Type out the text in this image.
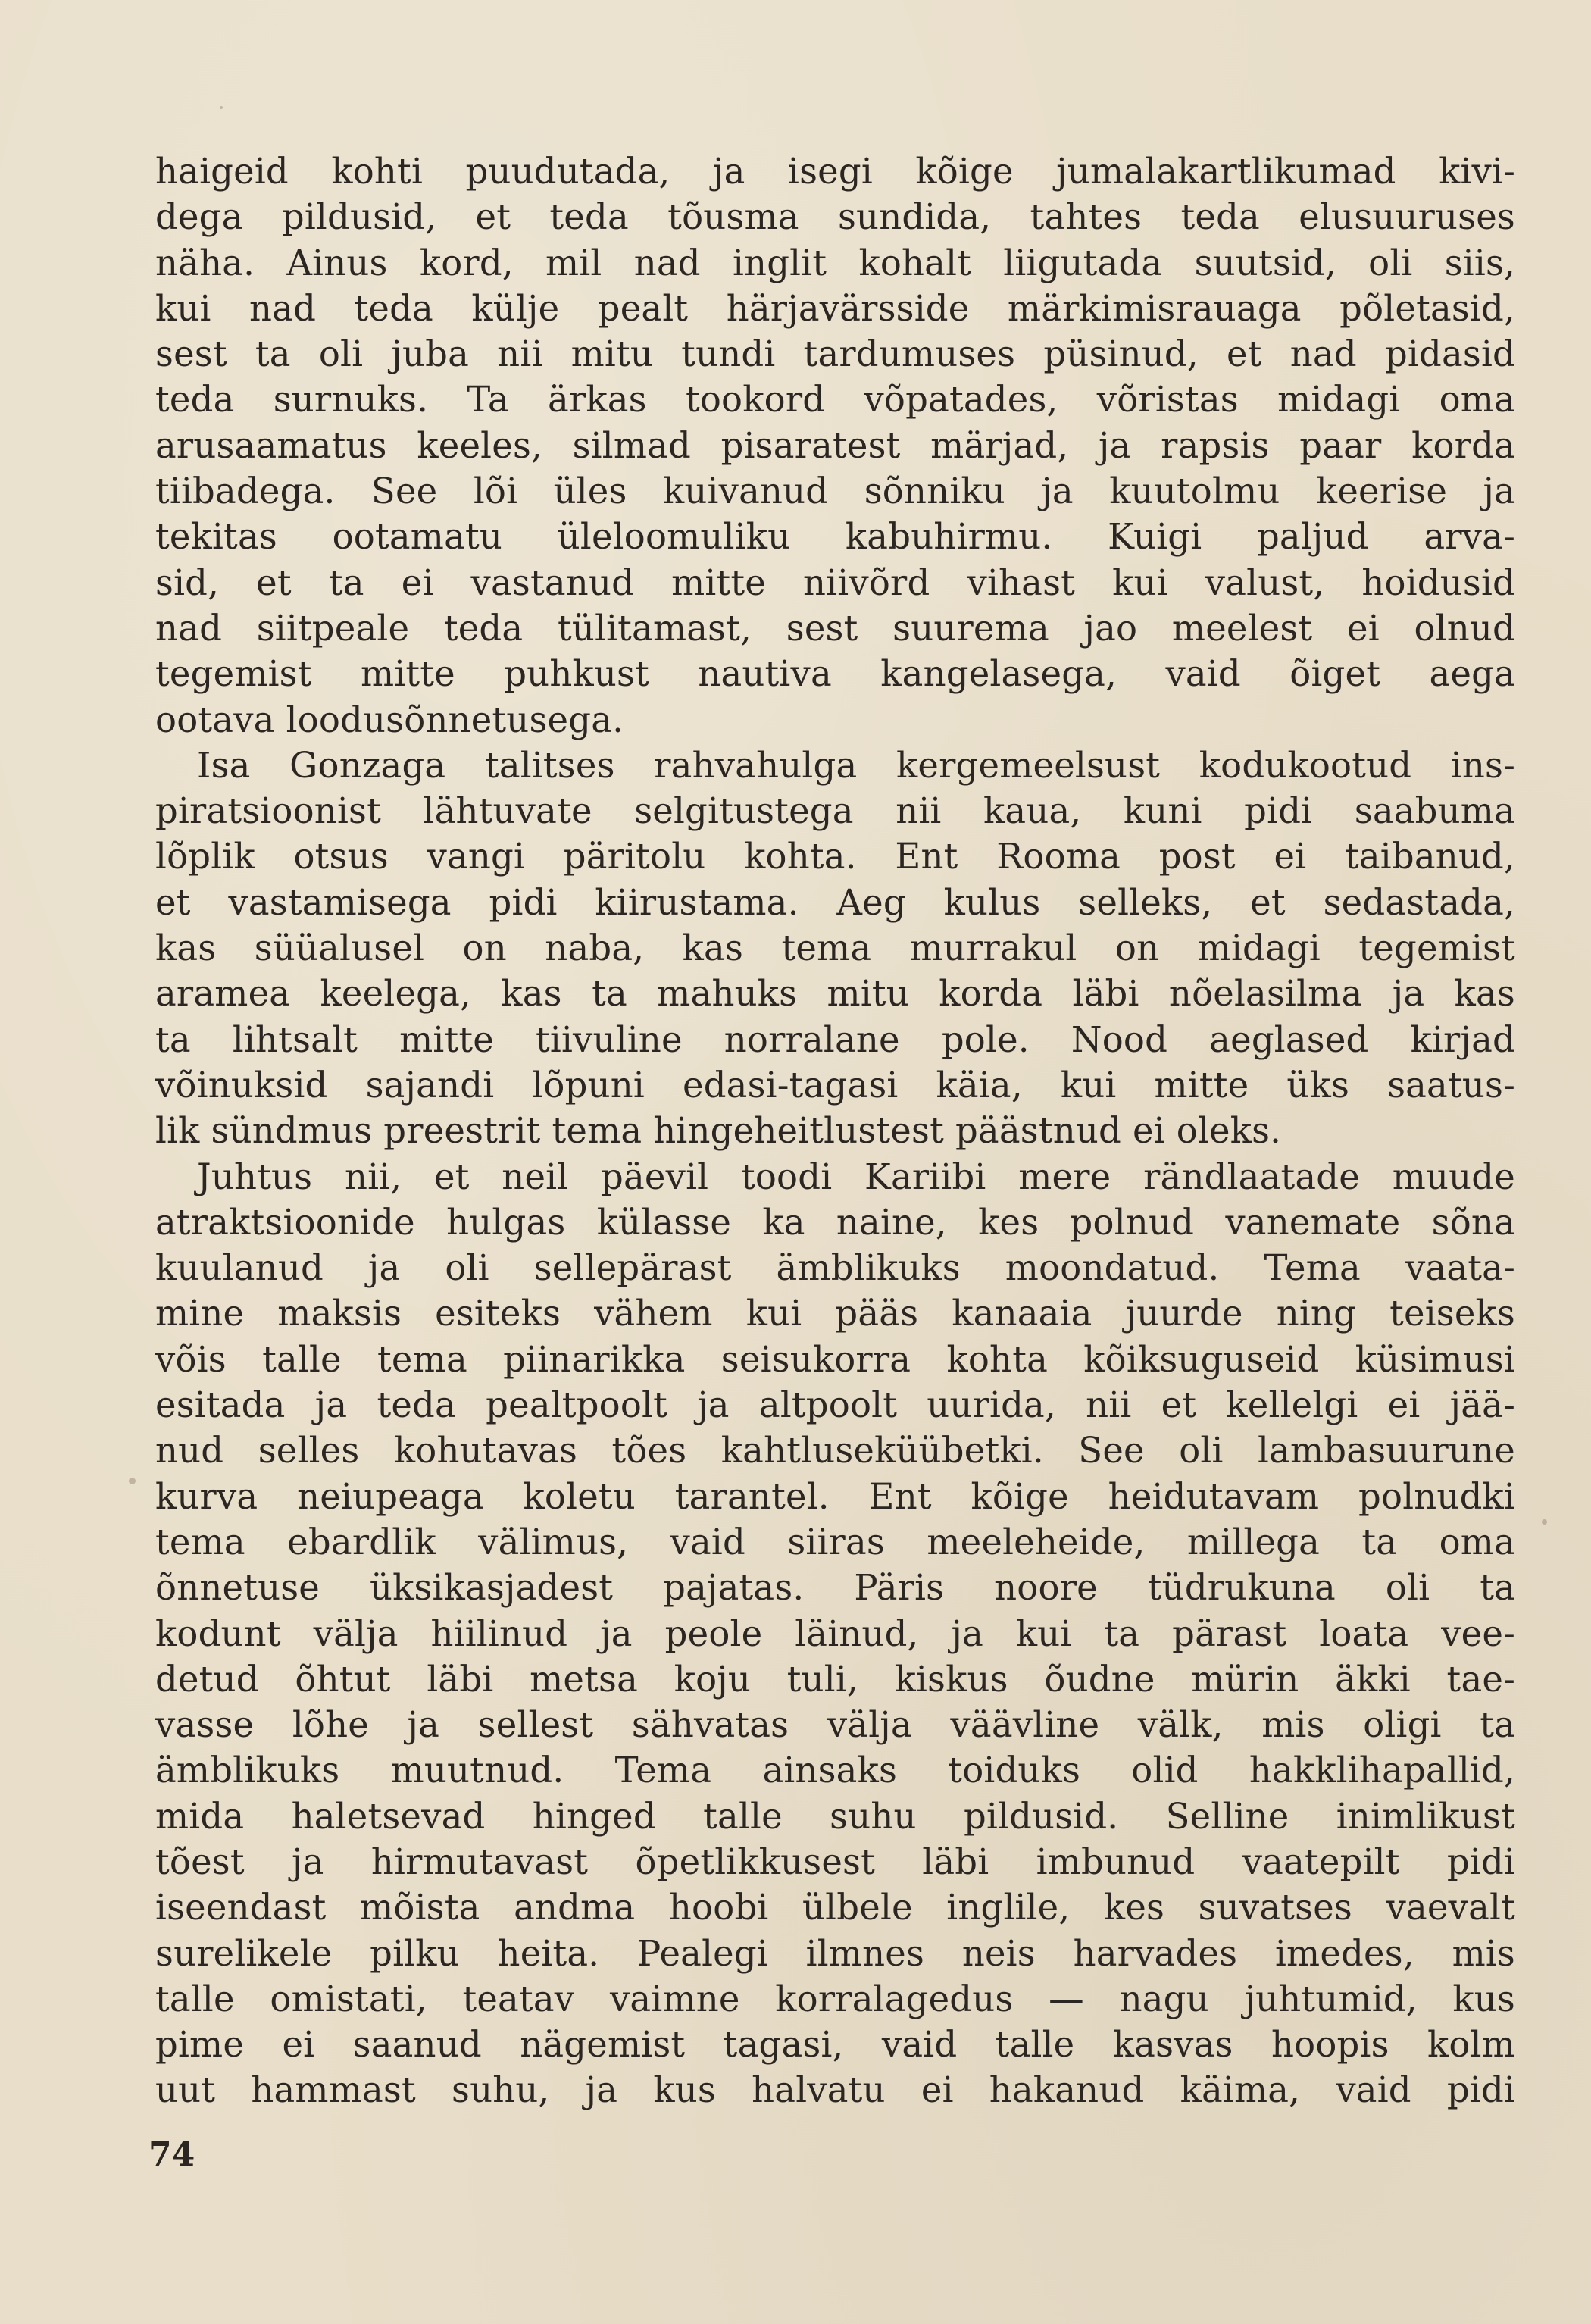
haigeid kohti puudutada, ja isegi kõige jumalakartlikumad kivi-
dega pildusid, et teda tõusma sundida, tahtes teda elusuuruses
näha. Ainus kord, mil nad inglit kohalt liigutada suutsid, oli siis,
kui nad teda külje pealt härjavärsside märkimisrauaga põletasid,
sest ta oli juba nii mitu tundi tardumuses püsinud, et nad pidasid
teda surnuks. Ta ärkas tookord võpatades, võristas midagi oma
arusaamatus keeles, silmad pisaratest märjad, ja rapsis paar korda
tiibadega. See lõi üles kuivanud sõnniku ja kuutolmu keerise ja
tekitas ootamatu üleloomuliku kabuhirmu. Kuigi paljud arva-
sid, et ta ei vastanud mitte niivõrd vihast kui valust, hoidusid
nad siitpeale teda tülitamast, sest suurema jao meelest ei olnud
tegemist mitte puhkust nautiva kangelasega, vaid õiget aega
ootava loodusõnnetusega.
Isa Gonzaga talitses rahvahulga kergemeelsust kodukootud ins-
piratsioonist lähtuvate selgitustega nii kaua, kuni pidi saabuma
lõplik otsus vangi päritolu kohta. Ent Rooma post ei taibanud,
et vastamisega pidi kiirustama. Aeg kulus selleks, et sedastada,
kas süüalusel on naba, kas tema murrakul on midagi tegemist
aramea keelega, kas ta mahuks mitu korda läbi nõelasilma ja kas
ta lihtsalt mitte tiivuline norralane pole. Nood aeglased kirjad
võinuksid sajandi lõpuni edasi-tagasi käia, kui mitte üks saatus-
lik sündmus preestrit tema hingeheitlustest päästnud ei oleks.
Juhtus nii, et neil päevil toodi Kariibi mere rändlaatade muude
atraktsioonide hulgas külasse ka naine, kes polnud vanemate sõna
kuulanud ja oli sellepärast ämblikuks moondatud. Tema vaata-
mine maksis esiteks vähem kui pääs kanaaia juurde ning teiseks
võis talle tema piinarikka seisukorra kohta kõiksuguseid küsimusi
esitada ja teda pealtpoolt ja altpoolt uurida, nii et kellelgi ei jää-
nud selles kohutavas tões kahtluseküübetki. See oli lambasuurune
kurva neiupeaga koletu tarantel. Ent kõige heidutavam polnudki
tema ebardlik välimus, vaid siiras meeleheide, millega ta oma
õnnetuse üksikasjadest pajatas. Päris noore tüdrukuna oli ta
kodunt välja hiilinud ja peole läinud, ja kui ta pärast loata vee-
detud õhtut läbi metsa koju tuli, kiskus õudne mürin äkki tae-
vasse lõhe ja sellest sähvatas välja väävline välk, mis oligi ta
ämblikuks muutnud. Tema ainsaks toiduks olid hakklihapallid,
mida haletsevad hinged talle suhu pildusid. Selline inimlikust
tõest ja hirmutavast õpetlikkusest läbi imbunud vaatepilt pidi
iseendast mõista andma hoobi ülbele inglile, kes suvatses vaevalt
surelikele pilku heita. Pealegi ilmnes neis harvades imedes, mis
talle omistati, teatav vaimne korralagedus — nagu juhtumid, kus
pime ei saanud nägemist tagasi, vaid talle kasvas hoopis kolm
uut hammast suhu, ja kus halvatu ei hakanud käima, vaid pidi
74
